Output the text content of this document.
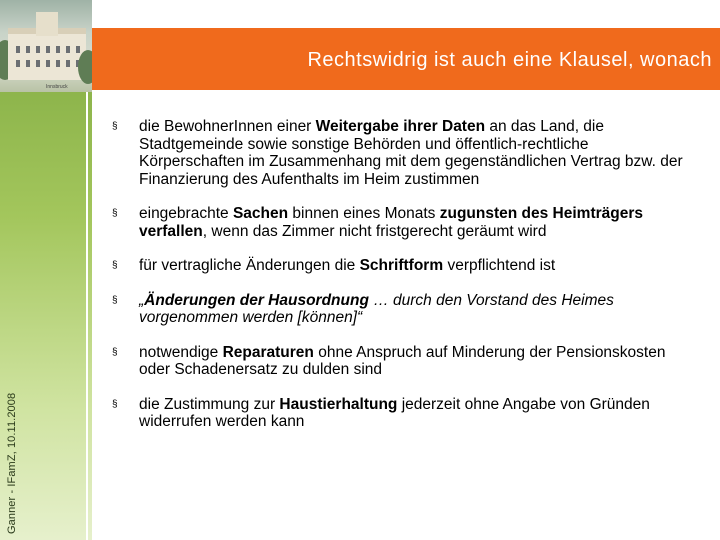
Innsbruck
Ganner - IFamZ, 10.11.2008
Rechtswidrig ist auch eine Klausel, wonach
§ die BewohnerInnen einer Weitergabe ihrer Daten an das Land, die Stadtgemeinde sowie sonstige Behörden und öffentlich-rechtliche Körperschaften im Zusammenhang mit dem gegenständlichen Vertrag bzw. der Finanzierung des Aufenthalts im Heim zustimmen
§ eingebrachte Sachen binnen eines Monats zugunsten des Heimträgers verfallen, wenn das Zimmer nicht fristgerecht geräumt wird
§ für vertragliche Änderungen die Schriftform verpflichtend ist
§ „Änderungen der Hausordnung … durch den Vorstand des Heimes vorgenommen werden [können]“
§ notwendige Reparaturen ohne Anspruch auf Minderung der Pensionskosten oder Schadenersatz zu dulden sind
§ die Zustimmung zur Haustierhaltung jederzeit ohne Angabe von Gründen widerrufen werden kann
